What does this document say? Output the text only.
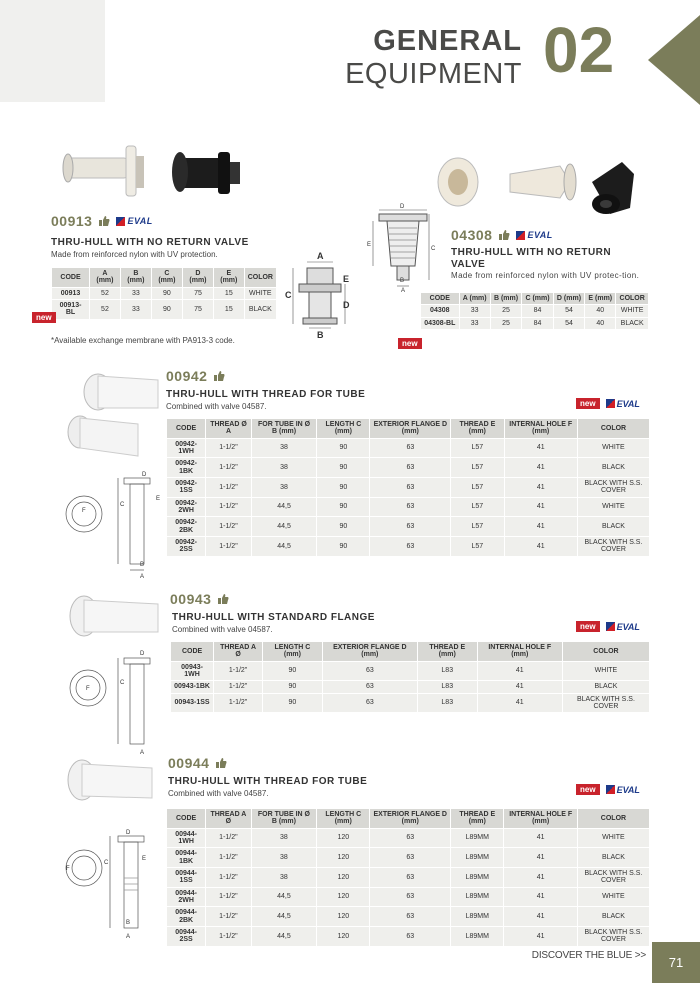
GENERAL
EQUIPMENT 02
00913	EVAL
THRU-HULL WITH NO RETURN VALVE
Made from reinforced nylon with UV protection.
CODE	A (mm)	B (mm)	C (mm)	D (mm)	E (mm)	COLOR
00913	52	33	90	75	15	WHITE
00913-BL	52	33	90	75	15	BLACK
new
*Available exchange membrane with PA913-3 code.
A
B
C
D
E
D
E
C
B
A
04308	EVAL
THRU-HULL WITH NO RETURN VALVE
Made from reinforced nylon with UV protec-tion.
CODE	A (mm)	B (mm)	C (mm)	D (mm)	E (mm)	COLOR
04308	33	25	84	54	40	WHITE
04308-BL	33	25	84	54	40	BLACK
new
D
E
C
F
B
A
00942
THRU-HULL WITH THREAD FOR TUBE
Combined with valve 04587.	new	EVAL
CODE	THREAD Ø A	FOR TUBE IN Ø B (mm)	LENGTH C (mm)	EXTERIOR FLANGE D (mm)	THREAD E (mm)	INTERNAL HOLE F (mm)	COLOR
00942-1WH	1-1/2"	38	90	63	L57	41	WHITE
00942-1BK	1-1/2"	38	90	63	L57	41	BLACK
00942-1SS	1-1/2"	38	90	63	L57	41	BLACK WITH S.S. COVER
00942-2WH	1-1/2"	44,5	90	63	L57	41	WHITE
00942-2BK	1-1/2"	44,5	90	63	L57	41	BLACK
00942-2SS	1-1/2"	44,5	90	63	L57	41	BLACK WITH S.S. COVER
D
C
F
A
00943
THRU-HULL WITH STANDARD FLANGE
Combined with valve 04587.	new	EVAL
CODE	THREAD A Ø	LENGTH C (mm)	EXTERIOR FLANGE D (mm)	THREAD E (mm)	INTERNAL HOLE F (mm)	COLOR
00943-1WH	1-1/2"	90	63	L83	41	WHITE
00943-1BK	1-1/2"	90	63	L83	41	BLACK
00943-1SS	1-1/2"	90	63	L83	41	BLACK WITH S.S. COVER
D
E
C
F
B
A
00944
THRU-HULL WITH THREAD FOR TUBE
Combined with valve 04587.	new	EVAL
CODE	THREAD A Ø	FOR TUBE IN Ø B (mm)	LENGTH C (mm)	EXTERIOR FLANGE D (mm)	THREAD E (mm)	INTERNAL HOLE F (mm)	COLOR
00944-1WH	1-1/2"	38	120	63	L89MM	41	WHITE
00944-1BK	1-1/2"	38	120	63	L89MM	41	BLACK
00944-1SS	1-1/2"	38	120	63	L89MM	41	BLACK WITH S.S. COVER
00944-2WH	1-1/2"	44,5	120	63	L89MM	41	WHITE
00944-2BK	1-1/2"	44,5	120	63	L89MM	41	BLACK
00944-2SS	1-1/2"	44,5	120	63	L89MM	41	BLACK WITH S.S. COVER
DISCOVER THE BLUE >>	71
